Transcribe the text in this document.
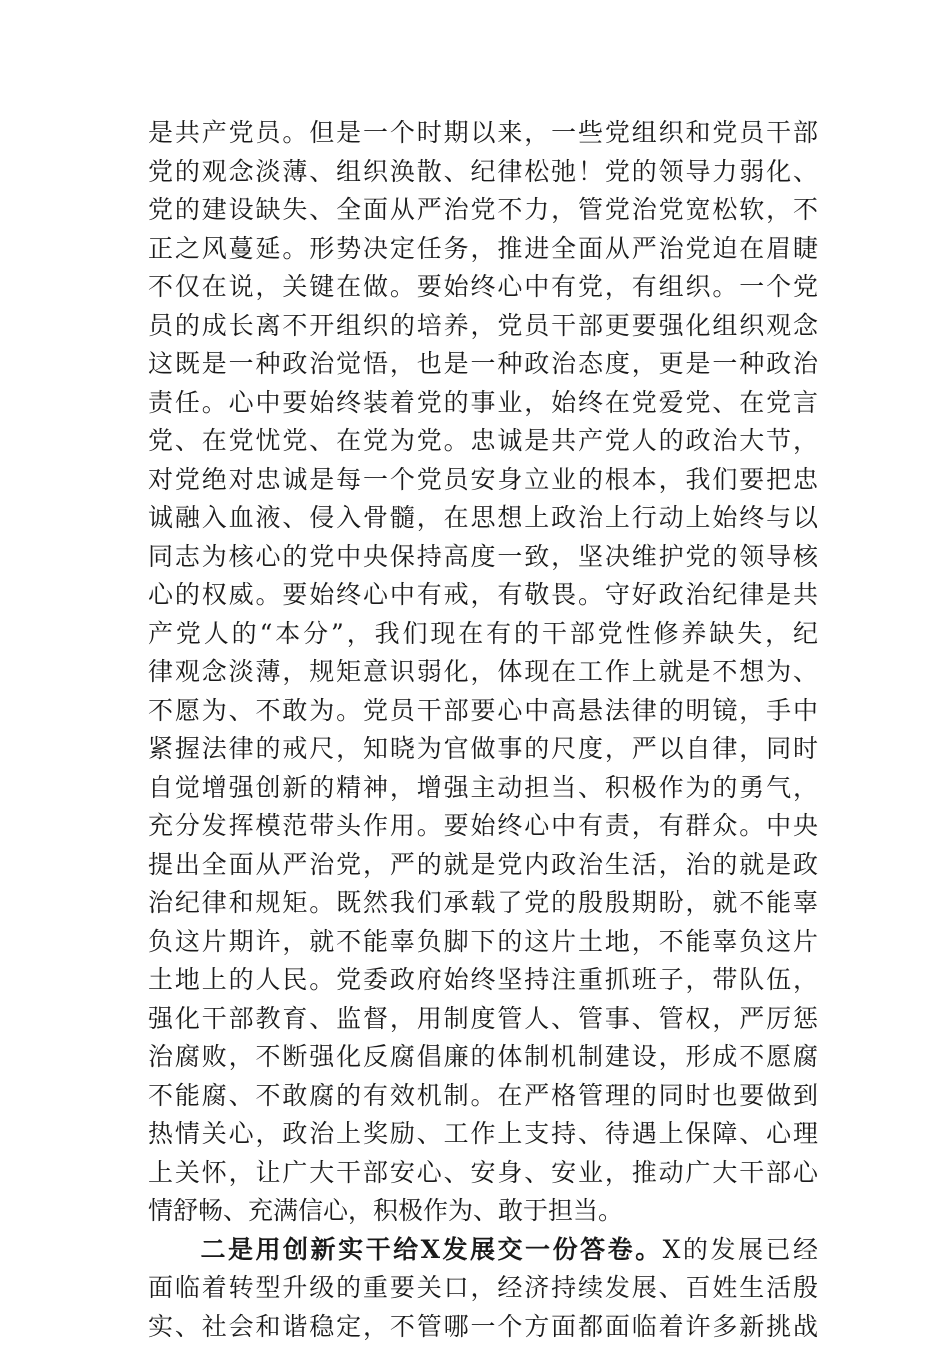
是共产党员。但是一个时期以来，一些党组织和党员干部
党的观念淡薄、组织涣散、纪律松弛！党的领导力弱化、
党的建设缺失、全面从严治党不力，管党治党宽松软，不
正之风蔓延。形势决定任务，推进全面从严治党迫在眉睫
不仅在说，关键在做。要始终心中有党，有组织。一个党
员的成长离不开组织的培养，党员干部更要强化组织观念
这既是一种政治觉悟，也是一种政治态度，更是一种政治
责任。心中要始终装着党的事业，始终在党爱党、在党言
党、在党忧党、在党为党。忠诚是共产党人的政治大节，
对党绝对忠诚是每一个党员安身立业的根本，我们要把忠
诚融入血液、侵入骨髓，在思想上政治上行动上始终与以
同志为核心的党中央保持高度一致，坚决维护党的领导核
心的权威。要始终心中有戒，有敬畏。守好政治纪律是共
产党人的“本分”，我们现在有的干部党性修养缺失，纪
律观念淡薄，规矩意识弱化，体现在工作上就是不想为、
不愿为、不敢为。党员干部要心中高悬法律的明镜，手中
紧握法律的戒尺，知晓为官做事的尺度，严以自律，同时
自觉增强创新的精神，增强主动担当、积极作为的勇气，
充分发挥模范带头作用。要始终心中有责，有群众。中央
提出全面从严治党，严的就是党内政治生活，治的就是政
治纪律和规矩。既然我们承载了党的殷殷期盼，就不能辜
负这片期许，就不能辜负脚下的这片土地，不能辜负这片
土地上的人民。党委政府始终坚持注重抓班子，带队伍，
强化干部教育、监督，用制度管人、管事、管权，严厉惩
治腐败，不断强化反腐倡廉的体制机制建设，形成不愿腐
不能腐、不敢腐的有效机制。在严格管理的同时也要做到
热情关心，政治上奖励、工作上支持、待遇上保障、心理
上关怀，让广大干部安心、安身、安业，推动广大干部心
情舒畅、充满信心，积极作为、敢于担当。
二是用创新实干给X发展交一份答卷。X的发展已经
面临着转型升级的重要关口，经济持续发展、百姓生活殷
实、社会和谐稳定，不管哪一个方面都面临着许多新挑战
